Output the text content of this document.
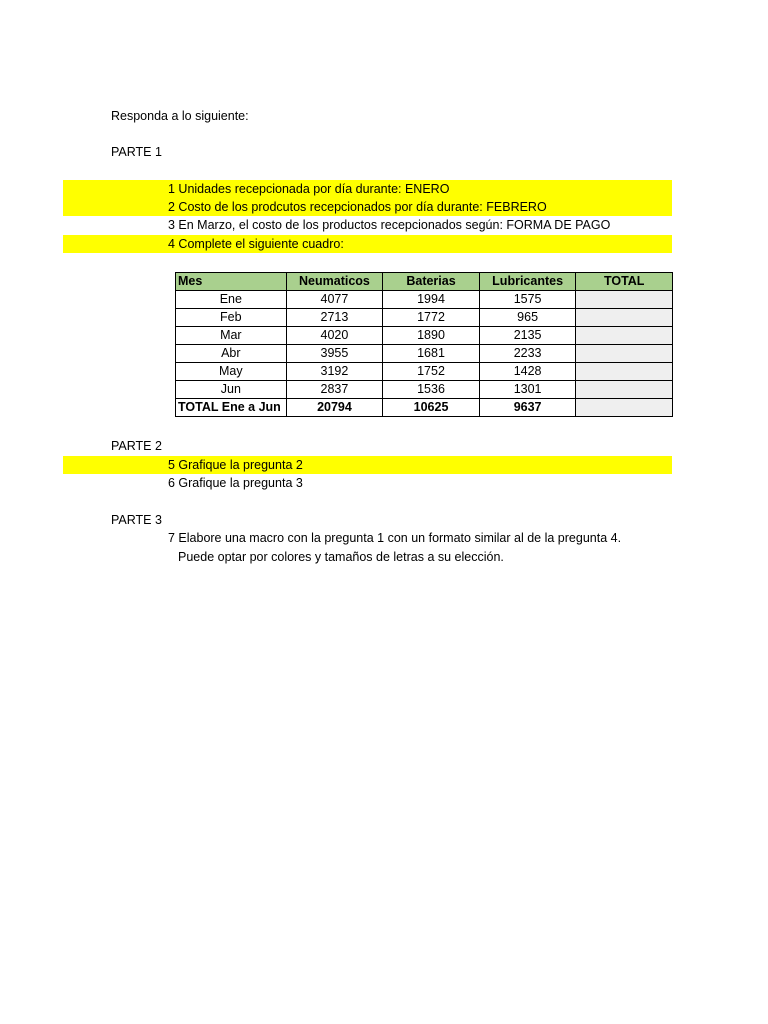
Responda a lo siguiente:
PARTE 1
1 Unidades recepcionada por día durante: ENERO
2 Costo de los prodcutos recepcionados por día durante: FEBRERO
3 En Marzo, el costo de los productos recepcionados según: FORMA DE PAGO
4 Complete el siguiente cuadro:
Mes	Neumaticos	Baterias	Lubricantes	TOTAL
Ene	4077	1994	1575	
Feb	2713	1772	965	
Mar	4020	1890	2135	
Abr	3955	1681	2233	
May	3192	1752	1428	
Jun	2837	1536	1301	
TOTAL Ene a Jun	20794	10625	9637	
PARTE 2
5 Grafique la pregunta 2
6 Grafique la pregunta 3
PARTE 3
7 Elabore una macro con la pregunta 1 con un formato similar al de la pregunta 4.
Puede optar por colores y tamaños de letras a su elección.
